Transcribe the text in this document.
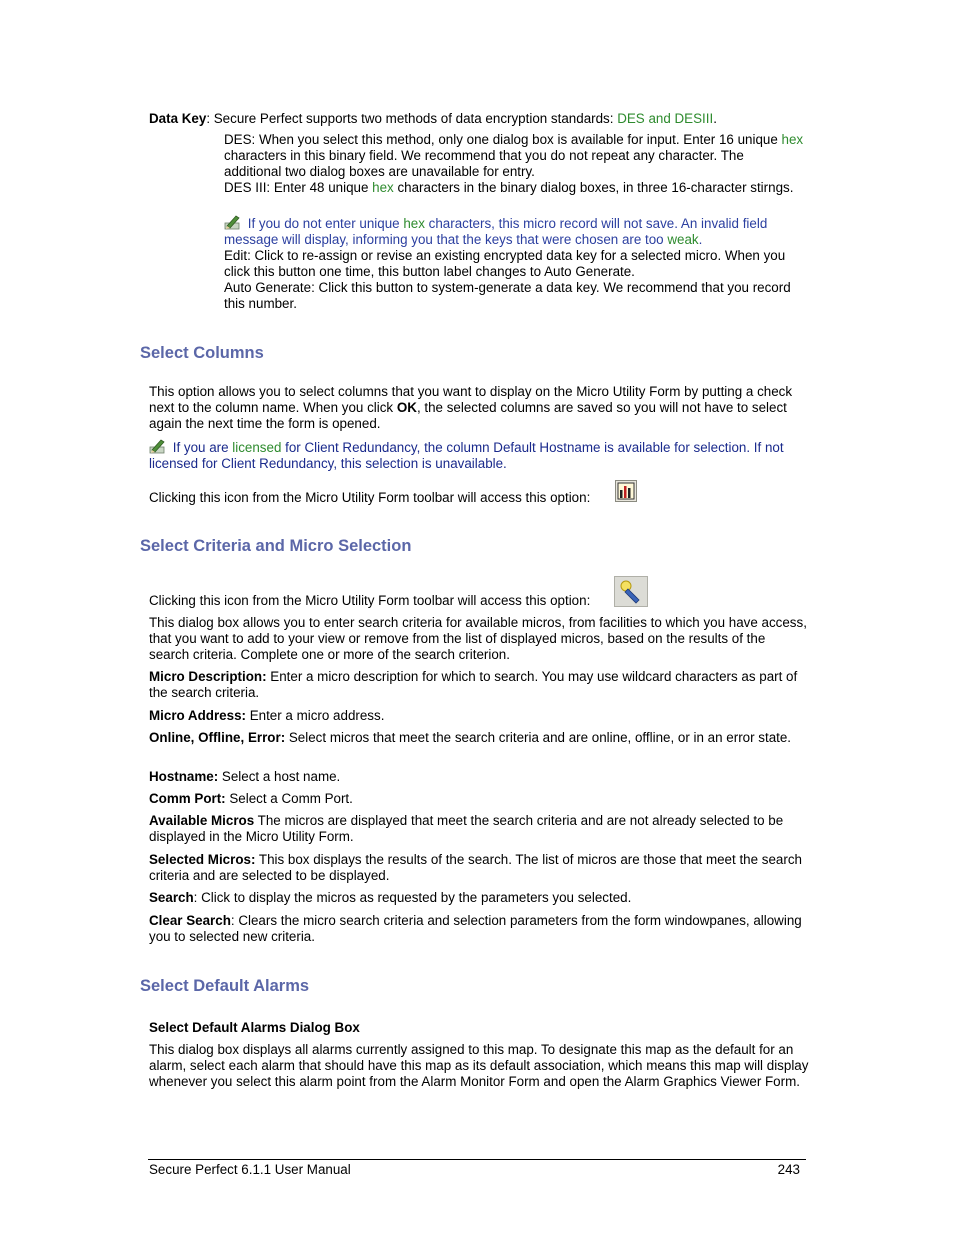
Data Key: Secure Perfect supports two methods of data encryption standards: DES and DESIII.
DES: When you select this method, only one dialog box is available for input. Enter 16 unique hex characters in this binary field. We recommend that you do not repeat any character. The additional two dialog boxes are unavailable for entry.
DES III: Enter 48 unique hex characters in the binary dialog boxes, in three 16-character stirngs.
If you do not enter unique hex characters, this micro record will not save. An invalid field message will display, informing you that the keys that were chosen are too weak.
Edit: Click to re-assign or revise an existing encrypted data key for a selected micro. When you click this button one time, this button label changes to Auto Generate.
Auto Generate: Click this button to system-generate a data key. We recommend that you record this number.
Select Columns
This option allows you to select columns that you want to display on the Micro Utility Form by putting a check next to the column name. When you click OK, the selected columns are saved so you will not have to select again the next time the form is opened.
If you are licensed for Client Redundancy, the column Default Hostname is available for selection. If not licensed for Client Redundancy, this selection is unavailable.
Clicking this icon from the Micro Utility Form toolbar will access this option:
Select Criteria and Micro Selection
Clicking this icon from the Micro Utility Form toolbar will access this option:
This dialog box allows you to enter search criteria for available micros, from facilities to which you have access, that you want to add to your view or remove from the list of displayed micros, based on the results of the search criteria. Complete one or more of the search criterion.
Micro Description: Enter a micro description for which to search. You may use wildcard characters as part of the search criteria.
Micro Address: Enter a micro address.
Online, Offline, Error: Select micros that meet the search criteria and are online, offline, or in an error state.
Hostname: Select a host name.
Comm Port: Select a Comm Port.
Available Micros The micros are displayed that meet the search criteria and are not already selected to be displayed in the Micro Utility Form.
Selected Micros: This box displays the results of the search. The list of micros are those that meet the search criteria and are selected to be displayed.
Search: Click to display the micros as requested by the parameters you selected.
Clear Search: Clears the micro search criteria and selection parameters from the form windowpanes, allowing you to selected new criteria.
Select Default Alarms
Select Default Alarms Dialog Box
This dialog box displays all alarms currently assigned to this map. To designate this map as the default for an alarm, select each alarm that should have this map as its default association, which means this map will display whenever you select this alarm point from the Alarm Monitor Form and open the Alarm Graphics Viewer Form.
Secure Perfect 6.1.1 User Manual	243
